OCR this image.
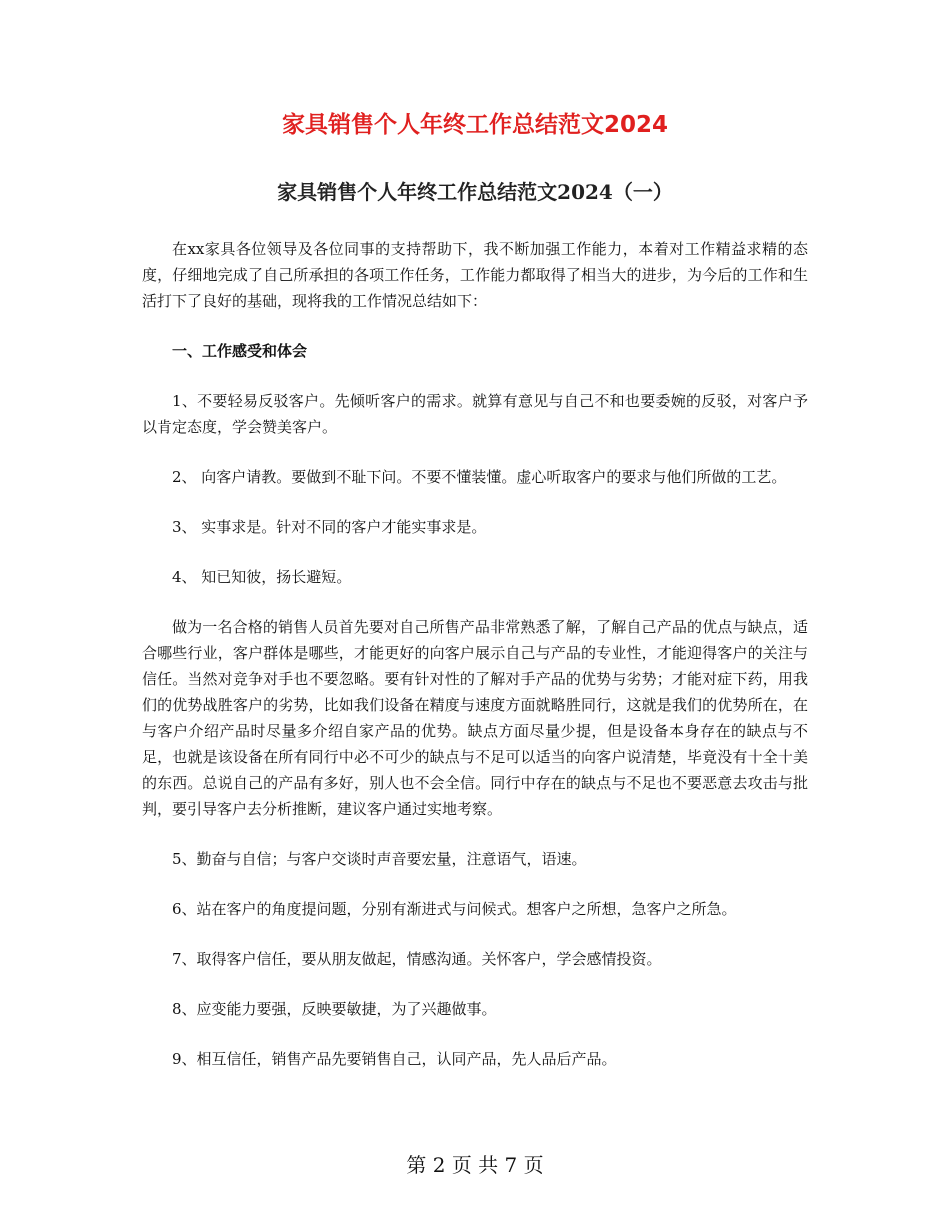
家具销售个人年终工作总结范文2024
家具销售个人年终工作总结范文2024（一）

在xx家具各位领导及各位同事的支持帮助下，我不断加强工作能力，本着对工作精益求精的态度，仔细地完成了自己所承担的各项工作任务，工作能力都取得了相当大的进步，为今后的工作和生活打下了良好的基础，现将我的工作情况总结如下：

一、工作感受和体会

1、不要轻易反驳客户。先倾听客户的需求。就算有意见与自己不和也要委婉的反驳，对客户予以肯定态度，学会赞美客户。

2、 向客户请教。要做到不耻下问。不要不懂装懂。虚心听取客户的要求与他们所做的工艺。

3、 实事求是。针对不同的客户才能实事求是。

4、 知已知彼，扬长避短。

做为一名合格的销售人员首先要对自己所售产品非常熟悉了解，了解自己产品的优点与缺点，适合哪些行业，客户群体是哪些，才能更好的向客户展示自己与产品的专业性，才能迎得客户的关注与信任。当然对竞争对手也不要忽略。要有针对性的了解对手产品的优势与劣势；才能对症下药，用我们的优势战胜客户的劣势，比如我们设备在精度与速度方面就略胜同行，这就是我们的优势所在，在与客户介绍产品时尽量多介绍自家产品的优势。缺点方面尽量少提，但是设备本身存在的缺点与不足，也就是该设备在所有同行中必不可少的缺点与不足可以适当的向客户说清楚，毕竟没有十全十美的东西。总说自己的产品有多好，别人也不会全信。同行中存在的缺点与不足也不要恶意去攻击与批判，要引导客户去分析推断，建议客户通过实地考察。

5、勤奋与自信；与客户交谈时声音要宏量，注意语气，语速。

6、站在客户的角度提问题，分别有渐进式与问候式。想客户之所想，急客户之所急。

7、取得客户信任，要从朋友做起，情感沟通。关怀客户，学会感情投资。

8、应变能力要强，反映要敏捷，为了兴趣做事。

9、相互信任，销售产品先要销售自己，认同产品，先人品后产品。

第 2 页 共 7 页
